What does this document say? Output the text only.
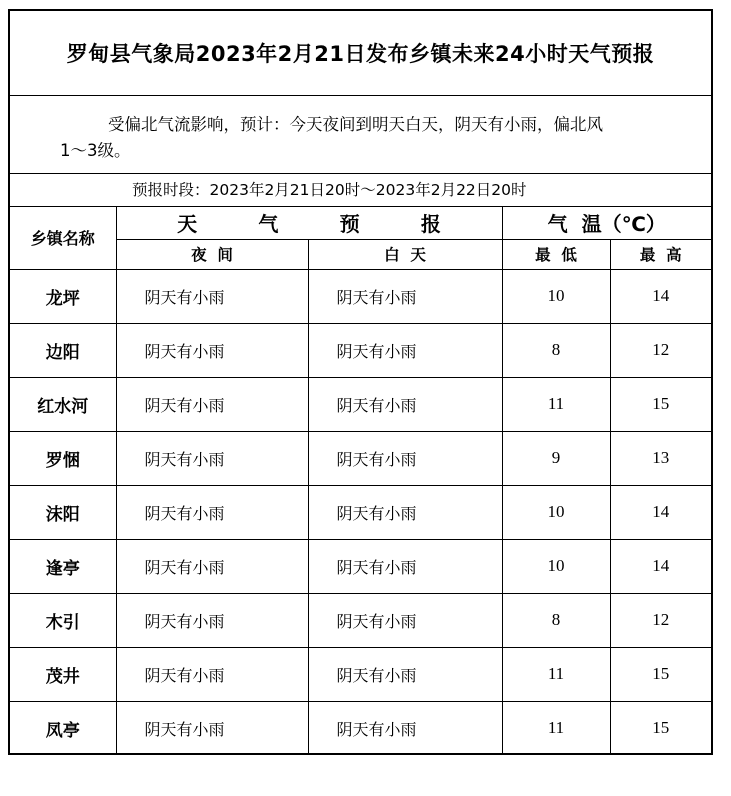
罗甸县气象局2023年2月21日发布乡镇未来24小时天气预报
受偏北气流影响，预计：今天夜间到明天白天，阴天有小雨，偏北风
1～3级。
预报时段：2023年2月21日20时～2023年2月22日20时
乡镇名称	天 气 预 报		气  温（℃）	
	夜  间	白  天	最  低	最  高
龙坪	阴天有小雨	阴天有小雨	10	14
边阳	阴天有小雨	阴天有小雨	8	12
红水河	阴天有小雨	阴天有小雨	11	15
罗悃	阴天有小雨	阴天有小雨	9	13
沫阳	阴天有小雨	阴天有小雨	10	14
逢亭	阴天有小雨	阴天有小雨	10	14
木引	阴天有小雨	阴天有小雨	8	12
茂井	阴天有小雨	阴天有小雨	11	15
凤亭	阴天有小雨	阴天有小雨	11	15
